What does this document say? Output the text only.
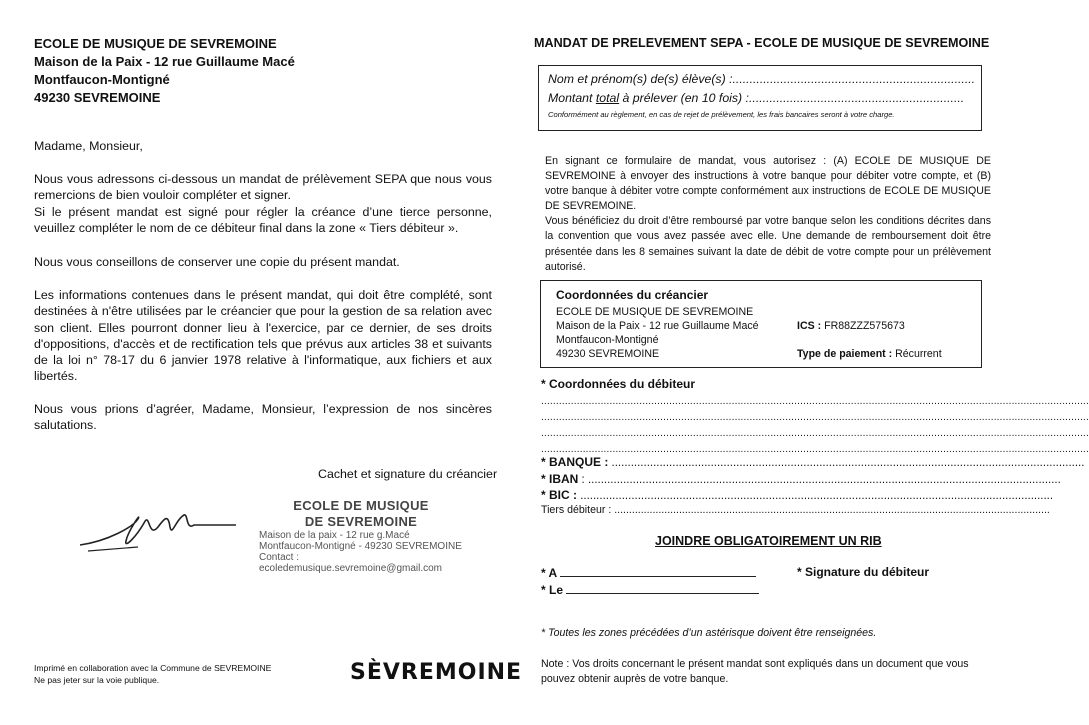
ECOLE DE MUSIQUE DE SEVREMOINE
Maison de la Paix - 12 rue Guillaume Macé
Montfaucon-Montigné
49230 SEVREMOINE

Madame, Monsieur,

Nous vous adressons ci-dessous un mandat de prélèvement SEPA que nous vous remercions de bien vouloir compléter et signer.

Si le présent mandat est signé pour régler la créance d’une tierce personne, veuillez compléter le nom de ce débiteur final dans la zone « Tiers débiteur ».

Nous vous conseillons de conserver une copie du présent mandat.

Les informations contenues dans le présent mandat, qui doit être complété, sont destinées à n'être utilisées par le créancier que pour la gestion de sa relation avec son client. Elles pourront donner lieu à l'exercice, par ce dernier, de ses droits d'oppositions, d'accès et de rectification tels que prévus aux articles 38 et suivants de la loi n° 78-17 du 6 janvier 1978 relative à l'informatique, aux fichiers et aux libertés.

Nous vous prions d’agréer, Madame, Monsieur, l’expression de nos sincères salutations.

Cachet et signature du créancier
ECOLE DE MUSIQUE
DE SEVREMOINE
Maison de la paix - 12 rue g.Macé
Montfaucon-Montigné - 49230 SEVREMOINE
Contact : ecoledemusique.sevremoine@gmail.com
Imprimé en collaboration avec la Commune de SEVREMOINE
Ne pas jeter sur la voie publique.	SÈVREMOINE
MANDAT DE PRELEVEMENT SEPA - ECOLE DE MUSIQUE DE SEVREMOINE
Nom et prénom(s) de(s) élève(s) :.......................................................................
Montant total à prélever (en 10 fois) :...............................................................
Conformément au règlement, en cas de rejet de prélèvement, les frais bancaires seront à votre charge.

En signant ce formulaire de mandat, vous autorisez : (A) ECOLE DE MUSIQUE DE SEVREMOINE à envoyer des instructions à votre banque pour débiter votre compte, et (B) votre banque à débiter votre compte conformément aux instructions de ECOLE DE MUSIQUE DE SEVREMOINE.

Vous bénéficiez du droit d’être remboursé par votre banque selon les conditions décrites dans la convention que vous avez passée avec elle. Une demande de remboursement doit être présentée dans les 8 semaines suivant la date de débit de votre compte pour un prélèvement autorisé.

Coordonnées du créancier
ECOLE DE MUSIQUE DE SEVREMOINE
Maison de la Paix - 12 rue Guillaume Macé
Montfaucon-Montigné
49230 SEVREMOINE
ICS : FR88ZZZ575673
Type de paiement : Récurrent
* Coordonnées du débiteur
........................................................................................................................................................................................
........................................................................................................................................................................................
........................................................................................................................................................................................
........................................................................................................................................................................................
* BANQUE : ....................................................................................................................................................
* IBAN : ....................................................................................................................................................
* BIC : ....................................................................................................................................................
Tiers débiteur : ....................................................................................................................................................
JOINDRE OBLIGATOIREMENT UN RIB
* A
* Le
* Signature du débiteur
* Toutes les zones précédées d’un astérisque doivent être renseignées.
Note : Vos droits concernant le présent mandat sont expliqués dans un document que vous pouvez obtenir auprès de votre banque.
